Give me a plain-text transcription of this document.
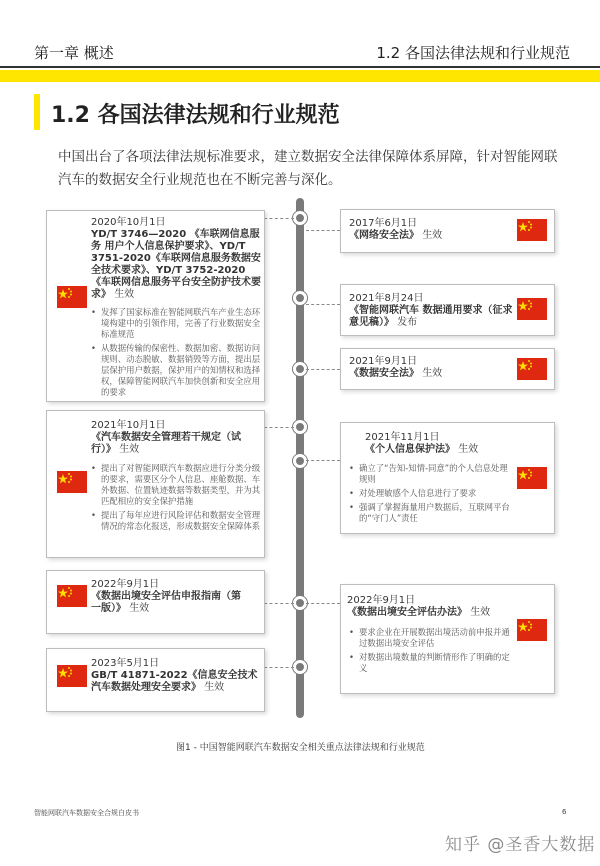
第一章 概述	1.2 各国法律法规和行业规范
1.2 各国法律法规和行业规范
中国出台了各项法律法规标准要求，建立数据安全法律保障体系屏障，针对智能网联汽车的数据安全行业规范也在不断完善与深化。
2020年10月1日
YD/T 3746—2020 《车联网信息服务 用户个人信息保护要求》、YD/T 3751-2020《车联网信息服务数据安全技术要求》、YD/T 3752-2020《车联网信息服务平台安全防护技术要求》 生效
• 发挥了国家标准在智能网联汽车产业生态环境构建中的引领作用，完善了行业数据安全标准规范
• 从数据传输的保密性、数据加密、数据访问规则、动态脱敏、数据销毁等方面，提出层层保护用户数据，保护用户的知情权和选择权，保障智能网联汽车加快创新和安全应用的要求
2021年10月1日
《汽车数据安全管理若干规定（试行）》 生效
• 提出了对智能网联汽车数据应进行分类分级的要求，需要区分个人信息、座舱数据、车外数据、位置轨迹数据等数据类型，并为其匹配相应的安全保护措施
• 提出了每年应进行风险评估和数据安全管理情况的常态化报送，形成数据安全保障体系
2022年9月1日
《数据出境安全评估申报指南（第一版）》 生效
2023年5月1日
GB/T 41871-2022《信息安全技术 汽车数据处理安全要求》 生效
2017年6月1日
《网络安全法》 生效
2021年8月24日
《智能网联汽车 数据通用要求（征求意见稿）》 发布
2021年9月1日
《数据安全法》 生效
2021年11月1日
《个人信息保护法》 生效
• 确立了“告知-知情-同意”的个人信息处理规则
• 对处理敏感个人信息进行了要求
• 强调了掌握海量用户数据后，互联网平台的“守门人”责任
2022年9月1日
《数据出境安全评估办法》 生效
• 要求企业在开展数据出境活动前申报并通过数据出境安全评估
• 对数据出境数量的判断情形作了明确的定义
图1 - 中国智能网联汽车数据安全相关重点法律法规和行业规范
智能网联汽车数据安全合规白皮书	6
知乎 @圣香大数据
